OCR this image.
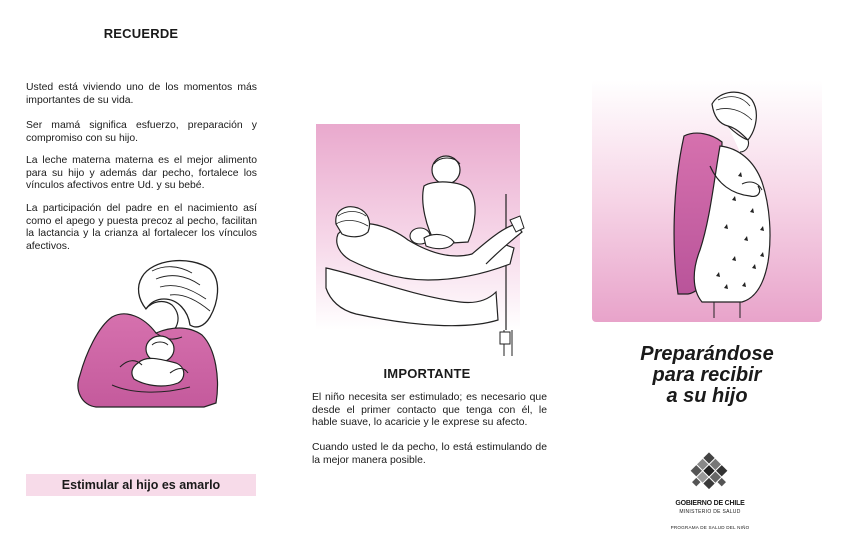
RECUERDE

Usted está viviendo uno de los momentos más importantes de su vida.

Ser mamá significa esfuerzo, preparación y compromiso con su hijo.

La leche materna materna es el mejor alimento para su hijo y además dar pecho, fortalece los vínculos afectivos entre Ud. y su bebé.

La participación del padre en el nacimiento así como el apego y puesta precoz al pecho, facilitan la lactancia y la crianza al fortalecer los vínculos afectivos.

Estimular al hijo es amarlo
IMPORTANTE

El niño necesita ser estimulado; es necesario que desde el primer contacto que tenga con él, le hable suave, lo acaricie y le exprese su afecto.

Cuando usted le da pecho, lo está estimulando de la mejor manera posible.

Preparándose
para recibir
a su hijo
GOBIERNO DE CHILE
MINISTERIO DE SALUD
PROGRAMA DE SALUD DEL NIÑO
